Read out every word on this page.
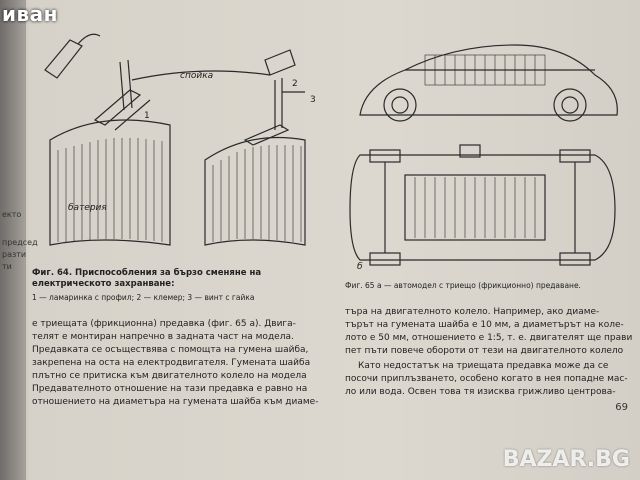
екто
председ
разти
ти
спойка
батерия
1
2
3
б
Фиг. 64. Приспособления за бързо сменяне на електрическото захранване:
1 — ламаринка с профил; 2 — клемер; 3 — винт с гайка
Фиг. 65 а — автомодел с триещо (фрикционно) предаване.
е триещата (фрикционна) предавка (фиг. 65 а). Двига-
телят е монтиран напречно в задната част на модела.
Предавката се осъществява с помощта на гумена шайба,
закрепена на оста на електродвигателя. Гумената шайба
плътно се притиска към двигателното колело на модела
Предавателното отношение на тази предавка е равно на
отношението на диаметъра на гумената шайба към диаме-
търа на двигателното колело. Например, ако диаме-
търът на гумената шайба е 10 мм, а диаметърът на коле-
лото е 50 мм, отношението е 1:5, т. е. двигателят ще прави
пет пъти повече обороти от тези на двигателното колело
Като недостатък на триещата предавка може да се
посочи приплъзването, особено когато в нея попадне мас-
ло или вода. Освен това тя изисква грижливо центрова-
69
иван
BAZAR.BG
